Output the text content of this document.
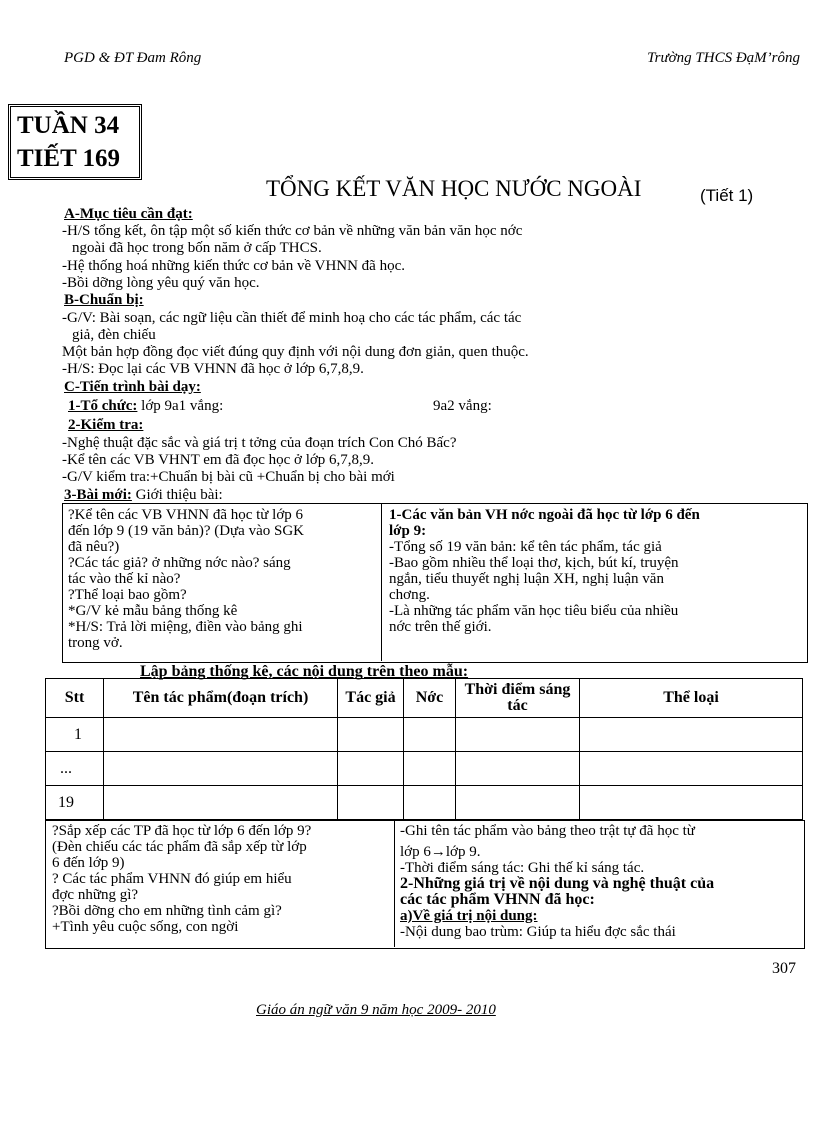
PGD & ĐT Đam Rông	Trường THCS ĐạM’rông
TUẦN 34
TIẾT 169
TỔNG KẾT VĂN HỌC NƯỚC NGOÀI	(Tiết 1)
A-Mục tiêu cần đạt:
-H/S tổng kết, ôn tập một số kiến thức cơ bản về những văn bản văn học nớc
ngoài đã học trong bốn năm ở cấp THCS.
-Hệ thống hoá những kiến thức cơ bản về VHNN đã học.
-Bồi dỡng lòng yêu quý văn học.
B-Chuẩn bị:
-G/V: Bài soạn, các ngữ liệu cần thiết để minh hoạ cho các tác phẩm, các tác
giả, đèn chiếu
Một bản hợp đồng đọc viết đúng quy định với nội dung đơn giản, quen thuộc.
-H/S: Đọc lại các VB VHNN đã học ở lớp 6,7,8,9.
C-Tiến trình bài dạy:
1-Tổ chức: lớp 9a1 vắng:	9a2 vắng:
2-Kiểm tra:
-Nghệ thuật đặc sắc và giá trị t tởng của đoạn trích Con Chó Bấc?
-Kể tên các VB VHNT em đã đọc học ở lớp 6,7,8,9.
-G/V kiểm tra:+Chuẩn bị bài cũ +Chuẩn bị cho bài mới
3-Bài mới: Giới thiệu bài:
?Kể tên các VB VHNN đã học từ lớp 6
đến lớp 9 (19 văn bản)? (Dựa vào SGK
đã nêu?)
?Các tác giả? ở những nớc nào? sáng
tác vào thế kỉ nào?
?Thể loại bao gồm?
*G/V kẻ mẫu bảng thống kê
*H/S: Trả lời miệng, điền vào bảng ghi
trong vở.
1-Các văn bản VH nớc ngoài đã học từ lớp 6 đến
lớp 9:
-Tổng số 19 văn bản: kể tên tác phẩm, tác giả
-Bao gồm nhiều thể loại thơ, kịch, bút kí, truyện
ngắn, tiểu thuyết nghị luận XH, nghị luận văn
chơng.
-Là những tác phẩm văn học tiêu biểu của nhiều
nớc trên thế giới.
Lập bảng thống kê, các nội dung trên theo mẫu:
Stt	Tên tác phẩm(đoạn trích)	Tác giả	Nớc	Thời điểm sáng tác	Thể loại
1					
...					
19					
?Sắp xếp các TP đã học từ lớp 6 đến lớp 9?
(Đèn chiếu các tác phẩm đã sắp xếp từ lớp
6 đến lớp 9)
? Các tác phẩm VHNN đó giúp em hiểu
đợc những gì?
?Bồi dỡng cho em những tình cảm gì?
+Tình yêu cuộc sống, con ngời
-Ghi tên tác phẩm vào bảng theo trật tự đã học từ
lớp 6→lớp 9.
-Thời điểm sáng tác: Ghi thế kỉ sáng tác.
2-Những giá trị về nội dung và nghệ thuật của
các tác phẩm VHNN đã học:
a)Về giá trị nội dung:
-Nội dung bao trùm: Giúp ta hiểu đợc sắc thái
307
Giáo án ngữ văn 9 năm học 2009- 2010
